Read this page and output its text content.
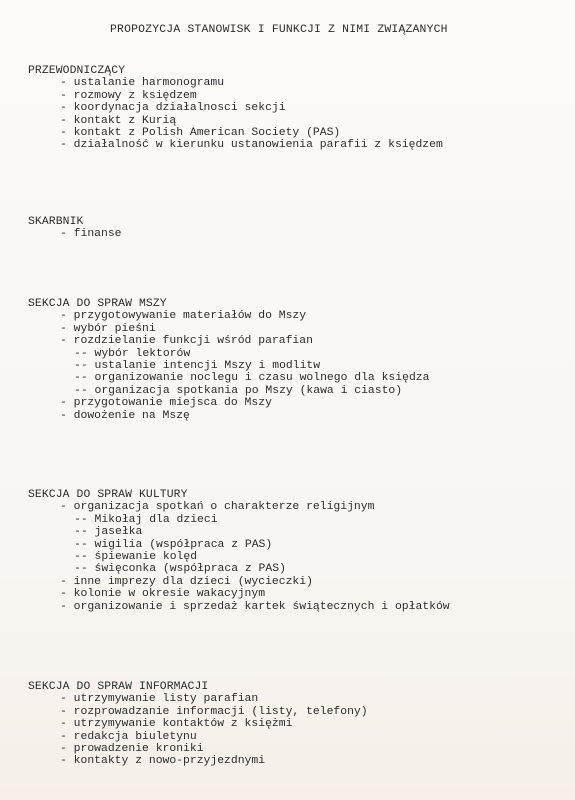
PROPOZYCJA STANOWISK I FUNKCJI Z NIMI ZWIĄZANYCH
PRZEWODNICZĄCY
- ustalanie harmonogramu
- rozmowy z księdzem
- koordynacja działalnosci sekcji
- kontakt z Kurią
- kontakt z Polish American Society (PAS)
- działalność w kierunku ustanowienia parafii z księdzem
SKARBNIK
- finanse
SEKCJA DO SPRAW MSZY
- przygotowywanie materiałów do Mszy
- wybór pieśni
- rozdzielanie funkcji wśród parafian
-- wybór lektorów
-- ustalanie intencji Mszy i modlitw
-- organizowanie noclegu i czasu wolnego dla księdza
-- organizacja spotkania po Mszy (kawa i ciasto)
- przygotowanie miejsca do Mszy
- dowożenie na Mszę
SEKCJA DO SPRAW KULTURY
- organizacja spotkań o charakterze religijnym
-- Mikołaj dla dzieci
-- jasełka
-- wigilia (współpraca z PAS)
-- śpiewanie kolęd
-- święconka (współpraca z PAS)
- inne imprezy dla dzieci (wycieczki)
- kolonie w okresie wakacyjnym
- organizowanie i sprzedaż kartek świątecznych i opłatków
SEKCJA DO SPRAW INFORMACJI
- utrzymywanie listy parafian
- rozprowadzanie informacji (listy, telefony)
- utrzymywanie kontaktów z księżmi
- redakcja biuletynu
- prowadzenie kroniki
- kontakty z nowo-przyjezdnymi
